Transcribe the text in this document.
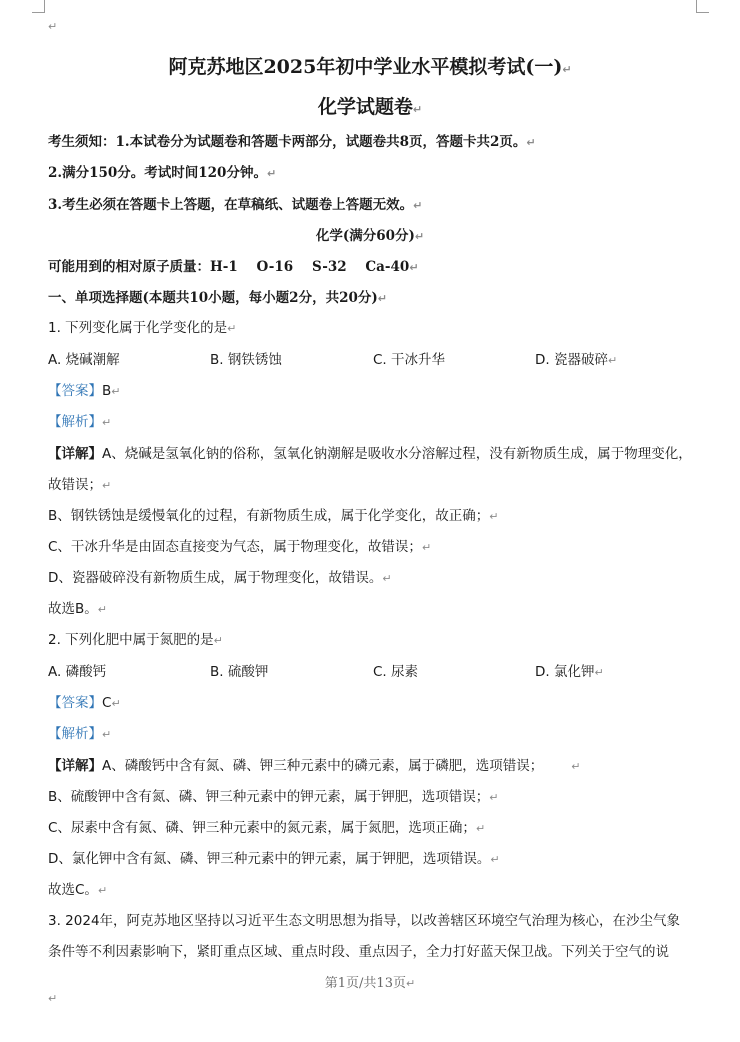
↵
阿克苏地区2025年初中学业水平模拟考试(一)↵
化学试题卷↵
考生须知：1.本试卷分为试题卷和答题卡两部分，试题卷共8页，答题卡共2页。↵
2.满分150分。考试时间120分钟。↵
3.考生必须在答题卡上答题，在草稿纸、试题卷上答题无效。↵
化学(满分60分)↵
可能用到的相对原子质量：H-1    O-16    S-32    Ca-40↵
一、单项选择题(本题共10小题，每小题2分，共20分)↵
1. 下列变化属于化学变化的是↵
A. 烧碱潮解	B. 钢铁锈蚀	C. 干冰升华	D. 瓷器破碎↵
【答案】B↵
【解析】↵
【详解】A、烧碱是氢氧化钠的俗称，氢氧化钠潮解是吸收水分溶解过程，没有新物质生成，属于物理变化，
故错误；↵
B、钢铁锈蚀是缓慢氧化的过程，有新物质生成，属于化学变化，故正确；↵
C、干冰升华是由固态直接变为气态，属于物理变化，故错误；↵
D、瓷器破碎没有新物质生成，属于物理变化，故错误。↵
故选B。↵
2. 下列化肥中属于氮肥的是↵
A. 磷酸钙	B. 硫酸钾	C. 尿素	D. 氯化钾↵
【答案】C↵
【解析】↵
【详解】A、磷酸钙中含有氮、磷、钾三种元素中的磷元素，属于磷肥，选项错误；	↵
B、硫酸钾中含有氮、磷、钾三种元素中的钾元素，属于钾肥，选项错误；↵
C、尿素中含有氮、磷、钾三种元素中的氮元素，属于氮肥，选项正确；↵
D、氯化钾中含有氮、磷、钾三种元素中的钾元素，属于钾肥，选项错误。↵
故选C。↵
3. 2024年，阿克苏地区坚持以习近平生态文明思想为指导，以改善辖区环境空气治理为核心，在沙尘气象
条件等不利因素影响下，紧盯重点区域、重点时段、重点因子，全力打好蓝天保卫战。下列关于空气的说
第1页/共13页↵
↵
